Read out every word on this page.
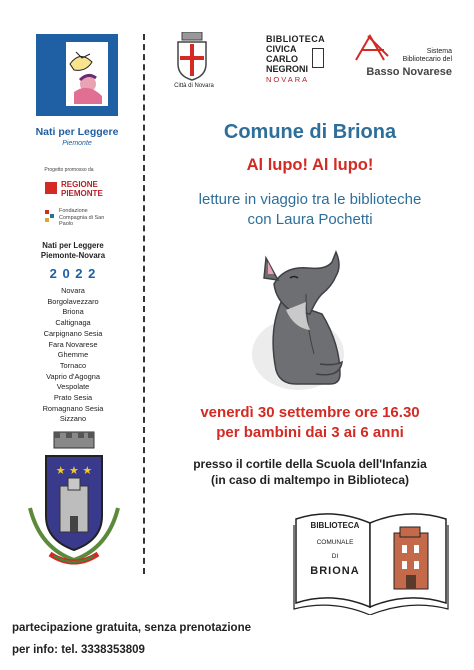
Nati per Leggere
Piemonte
Progetto promosso da
REGIONE PIEMONTE
Fondazione Compagnia di San Paolo
Nati per Leggere Piemonte-Novara
2 0 2 2
Novara
Borgolavezzaro
Briona
Caltignaga
Carpignano Sesia
Fara Novarese
Ghemme
Tornaco
Vaprio d'Agogna
Vespolate
Prato Sesia
Romagnano Sesia
Sizzano
★ ★ ★
Città di Novara
BIBLIOTECA
CIVICA
CARLO
NEGRONI
NOVARA
Sistema
Bibliotecario del
Basso Novarese
Comune di Briona
Al lupo! Al lupo!
letture in viaggio tra le biblioteche
con Laura Pochetti
venerdì 30 settembre ore 16.30
per bambini dai 3 ai 6 anni
presso il cortile della Scuola dell'Infanzia
(in caso di maltempo in Biblioteca)
BIBLIOTECA
COMUNALE
DI
BRIONA
partecipazione gratuita, senza prenotazione
per info: tel. 3338353809
